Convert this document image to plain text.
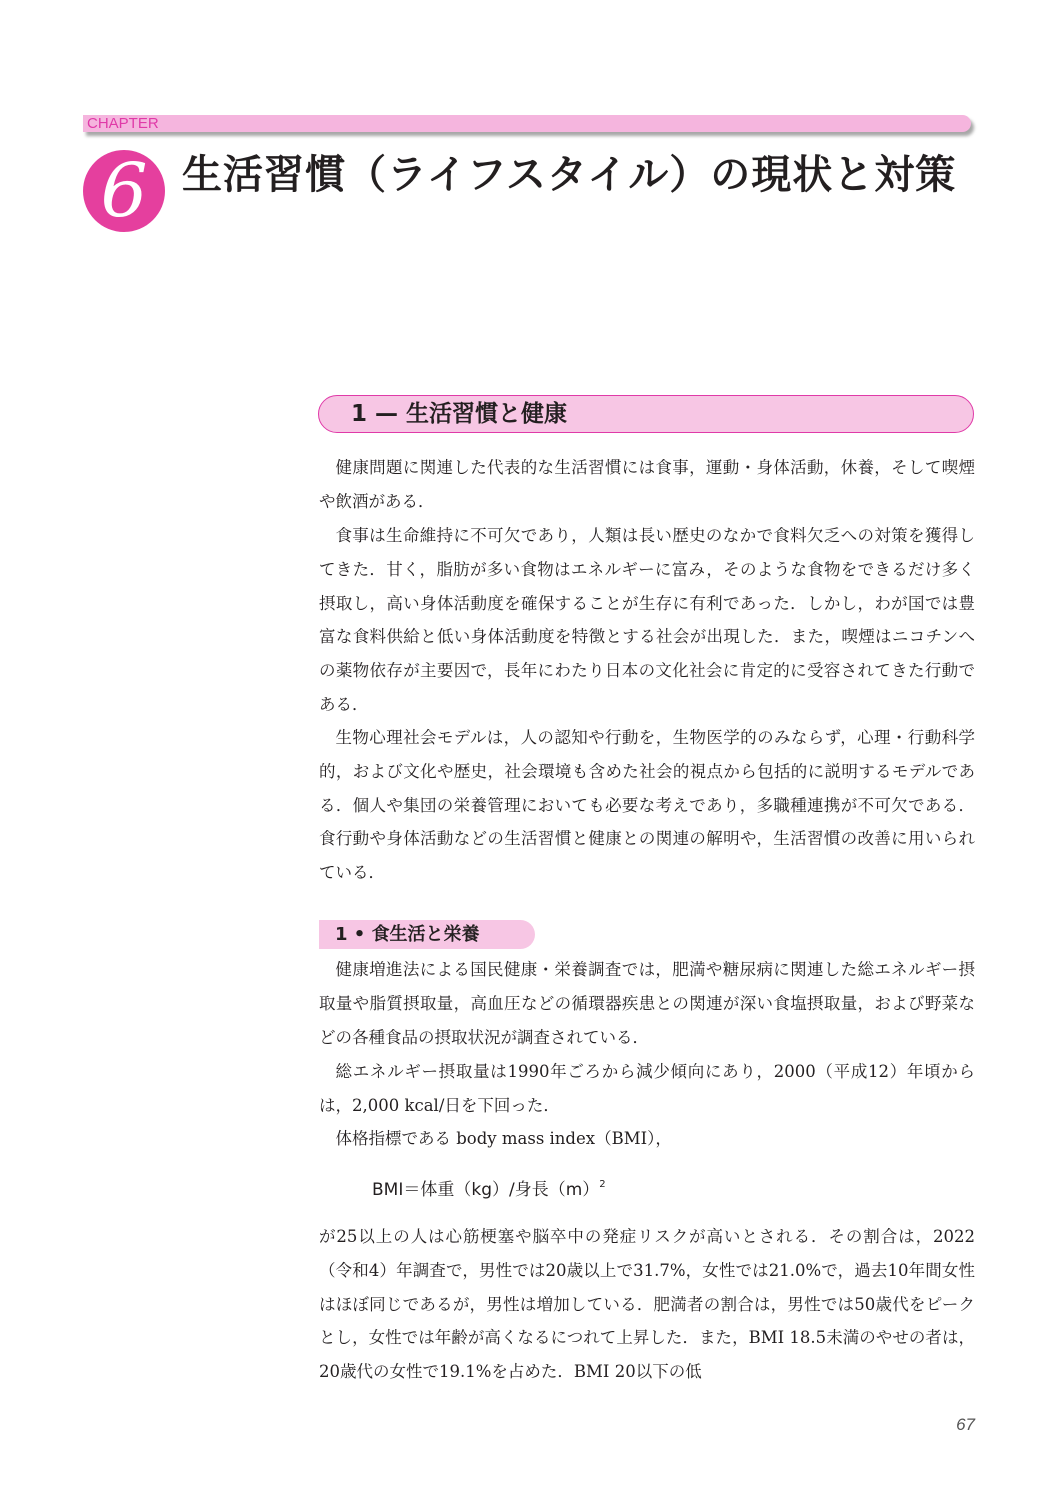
CHAPTER
6 生活習慣（ライフスタイル）の現状と対策
1 — 生活習慣と健康

健康問題に関連した代表的な生活習慣には食事，運動・身体活動，休養，そして喫煙や飲酒がある．

食事は生命維持に不可欠であり，人類は長い歴史のなかで食料欠乏への対策を獲得してきた．甘く，脂肪が多い食物はエネルギーに富み，そのような食物をできるだけ多く摂取し，高い身体活動度を確保することが生存に有利であった．しかし，わが国では豊富な食料供給と低い身体活動度を特徴とする社会が出現した．また，喫煙はニコチンへの薬物依存が主要因で，長年にわたり日本の文化社会に肯定的に受容されてきた行動である．

生物心理社会モデルは，人の認知や行動を，生物医学的のみならず，心理・行動科学的，および文化や歴史，社会環境も含めた社会的視点から包括的に説明するモデルである．個人や集団の栄養管理においても必要な考えであり，多職種連携が不可欠である．食行動や身体活動などの生活習慣と健康との関連の解明や，生活習慣の改善に用いられている．

1 • 食生活と栄養

健康増進法による国民健康・栄養調査では，肥満や糖尿病に関連した総エネルギー摂取量や脂質摂取量，高血圧などの循環器疾患との関連が深い食塩摂取量，および野菜などの各種食品の摂取状況が調査されている．

総エネルギー摂取量は1990年ごろから減少傾向にあり，2000（平成12）年頃からは，2,000 kcal/日を下回った．

体格指標である body mass index（BMI），

BMI＝体重（kg）/身長$(m)^2$

が25以上の人は心筋梗塞や脳卒中の発症リスクが高いとされる．その割合は，2022（令和4）年調査で，男性では20歳以上で31.7%，女性では21.0%で，過去10年間女性はほぼ同じであるが，男性は増加している．肥満者の割合は，男性では50歳代をピークとし，女性では年齢が高くなるにつれて上昇した．また，BMI 18.5未満のやせの者は，20歳代の女性で19.1%を占めた．BMI 20以下の低

67
